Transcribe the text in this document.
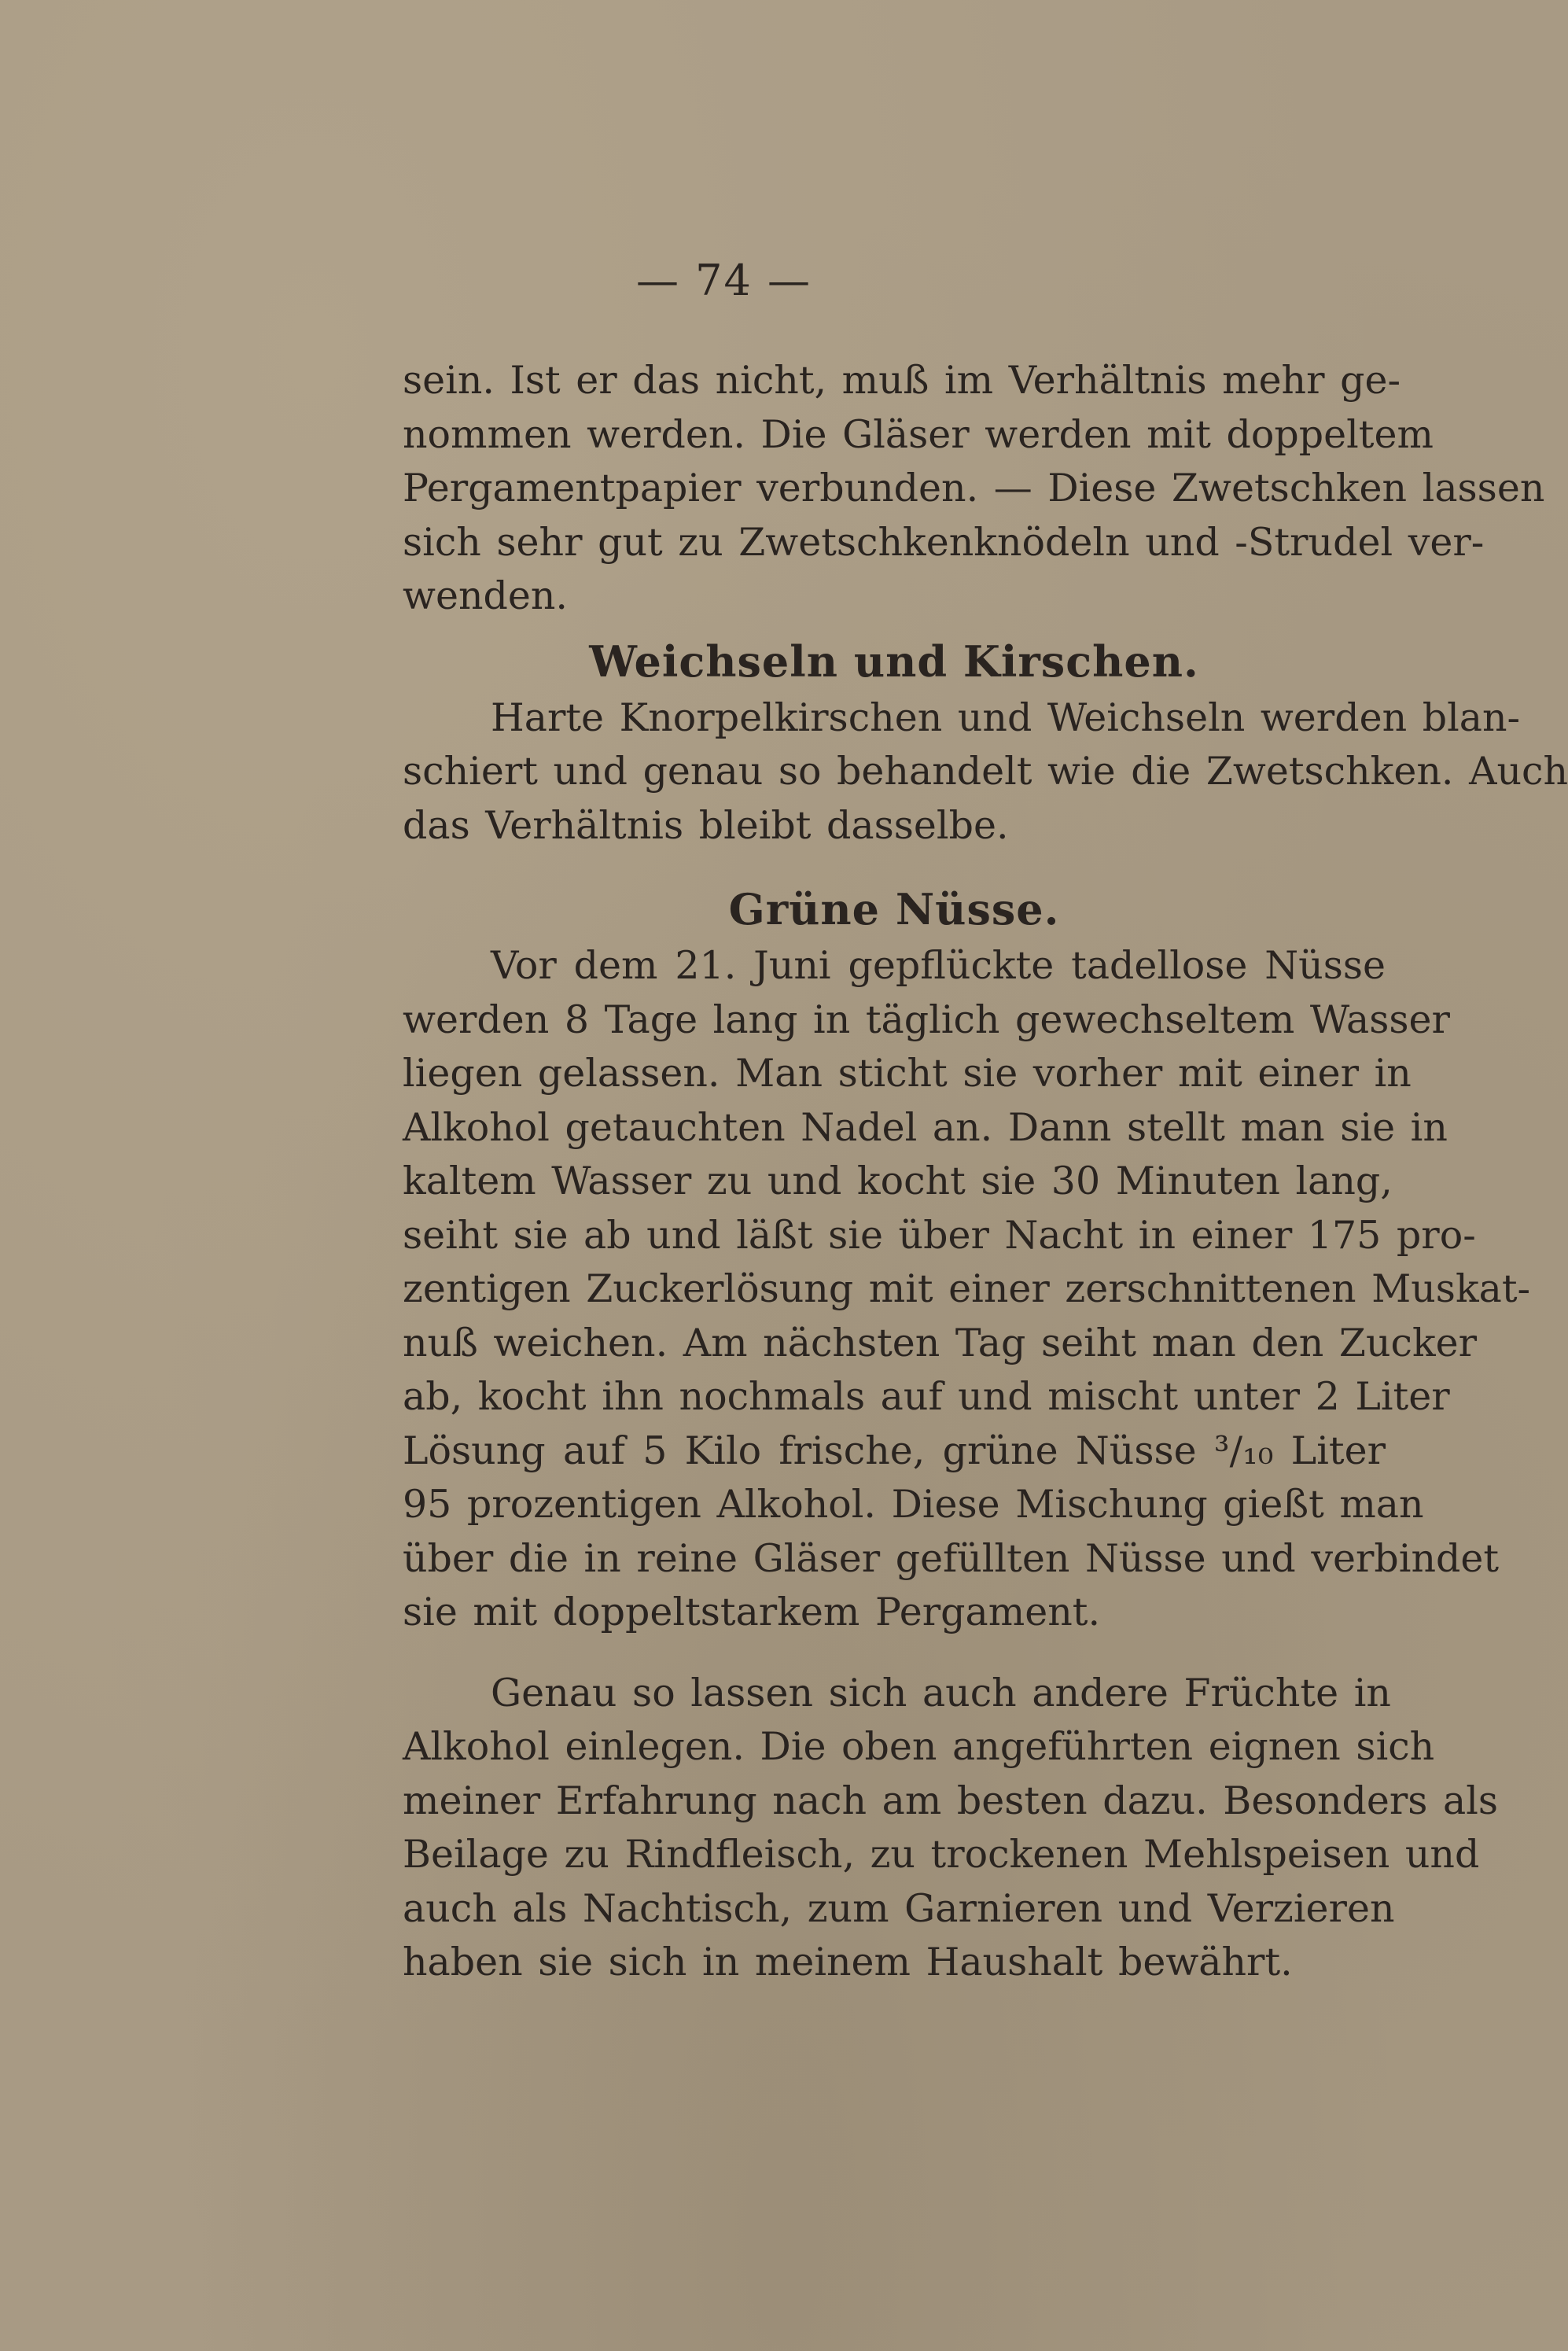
— 74 —
sein. Ist er das nicht, muß im Verhältnis mehr ge-
nommen werden. Die Gläser werden mit doppeltem
Pergamentpapier verbunden. — Diese Zwetschken lassen
sich sehr gut zu Zwetschkenknödeln und -Strudel ver-
wenden.
Weichseln und Kirschen.
Harte Knorpelkirschen und Weichseln werden blan-
schiert und genau so behandelt wie die Zwetschken. Auch
das Verhältnis bleibt dasselbe.
Grüne Nüsse.
Vor dem 21. Juni gepflückte tadellose Nüsse
werden 8 Tage lang in täglich gewechseltem Wasser
liegen gelassen. Man sticht sie vorher mit einer in
Alkohol getauchten Nadel an. Dann stellt man sie in
kaltem Wasser zu und kocht sie 30 Minuten lang,
seiht sie ab und läßt sie über Nacht in einer 175 pro-
zentigen Zuckerlösung mit einer zerschnittenen Muskat-
nuß weichen. Am nächsten Tag seiht man den Zucker
ab, kocht ihn nochmals auf und mischt unter 2 Liter
Lösung auf 5 Kilo frische, grüne Nüsse ³/₁₀ Liter
95 prozentigen Alkohol. Diese Mischung gießt man
über die in reine Gläser gefüllten Nüsse und verbindet
sie mit doppeltstarkem Pergament.
Genau so lassen sich auch andere Früchte in
Alkohol einlegen. Die oben angeführten eignen sich
meiner Erfahrung nach am besten dazu. Besonders als
Beilage zu Rindfleisch, zu trockenen Mehlspeisen und
auch als Nachtisch, zum Garnieren und Verzieren
haben sie sich in meinem Haushalt bewährt.
